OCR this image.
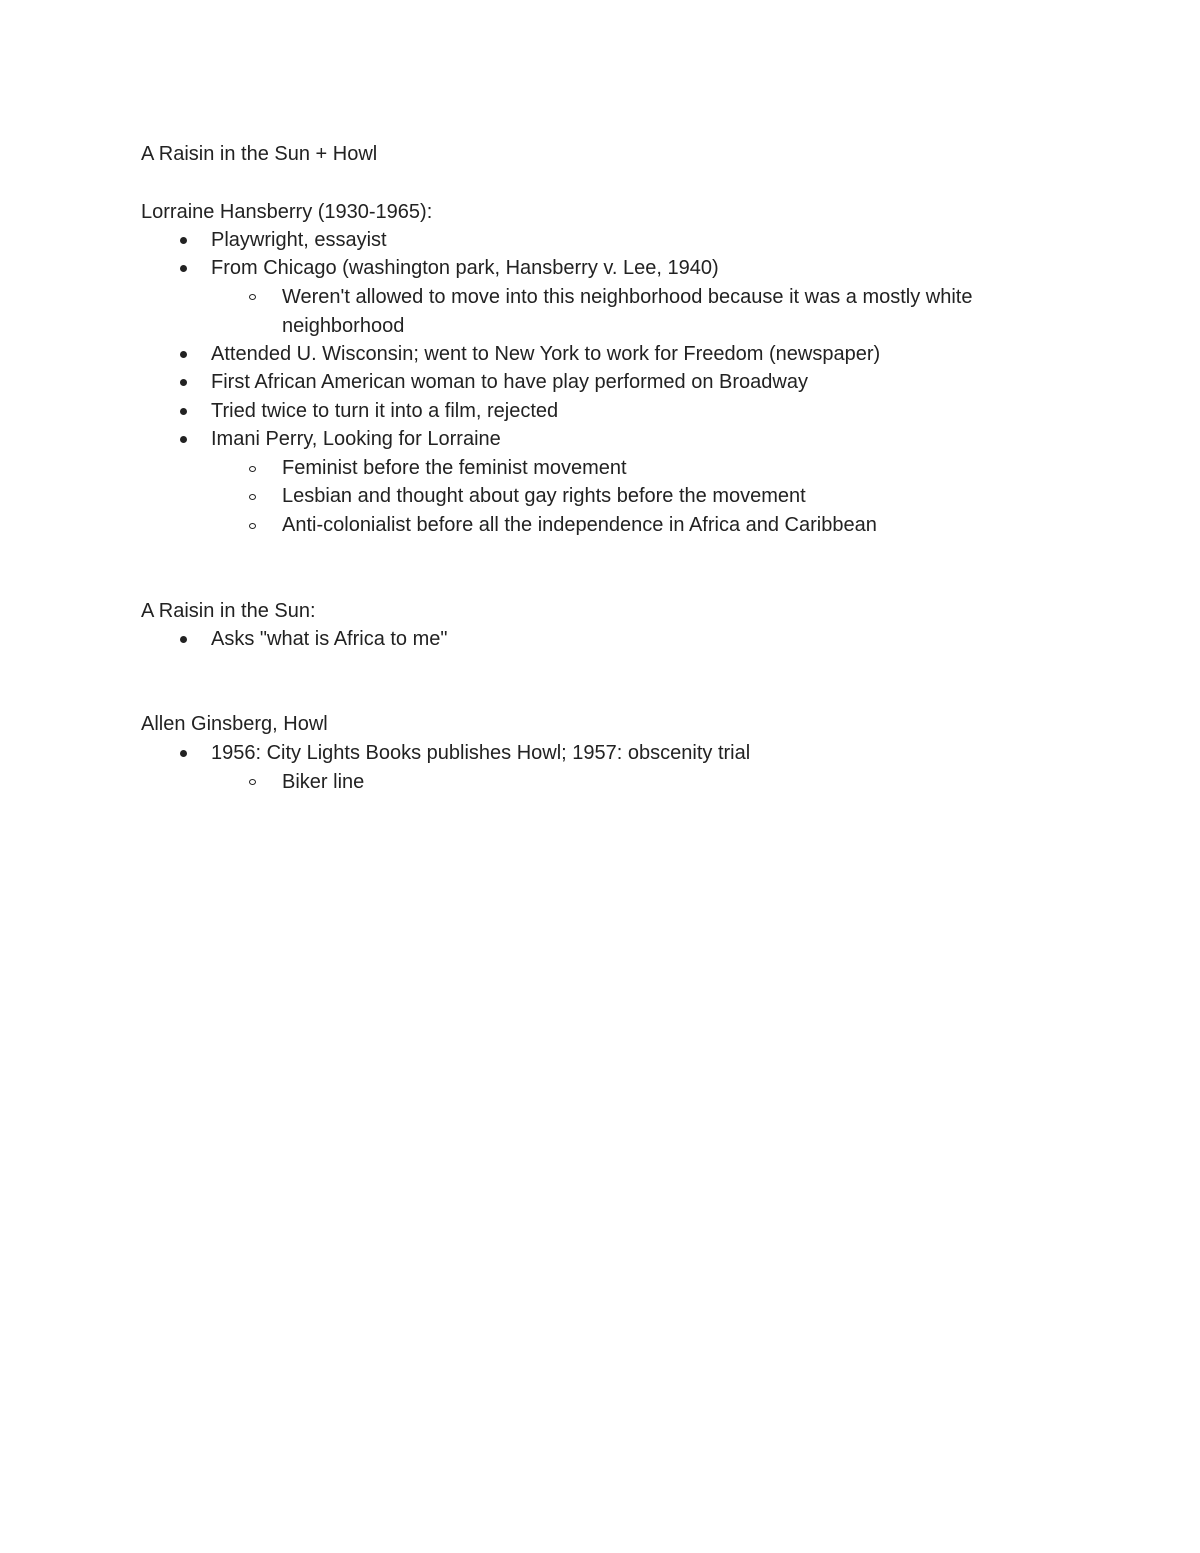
A Raisin in the Sun + Howl
Lorraine Hansberry (1930-1965):
Playwright, essayist
From Chicago (washington park, Hansberry v. Lee, 1940)
Weren't allowed to move into this neighborhood because it was a mostly white
neighborhood
Attended U. Wisconsin; went to New York to work for Freedom (newspaper)
First African American woman to have play performed on Broadway
Tried twice to turn it into a film, rejected
Imani Perry, Looking for Lorraine
Feminist before the feminist movement
Lesbian and thought about gay rights before the movement
Anti-colonialist before all the independence in Africa and Caribbean
A Raisin in the Sun:
Asks "what is Africa to me"
Allen Ginsberg, Howl
1956: City Lights Books publishes Howl; 1957: obscenity trial
Biker line
